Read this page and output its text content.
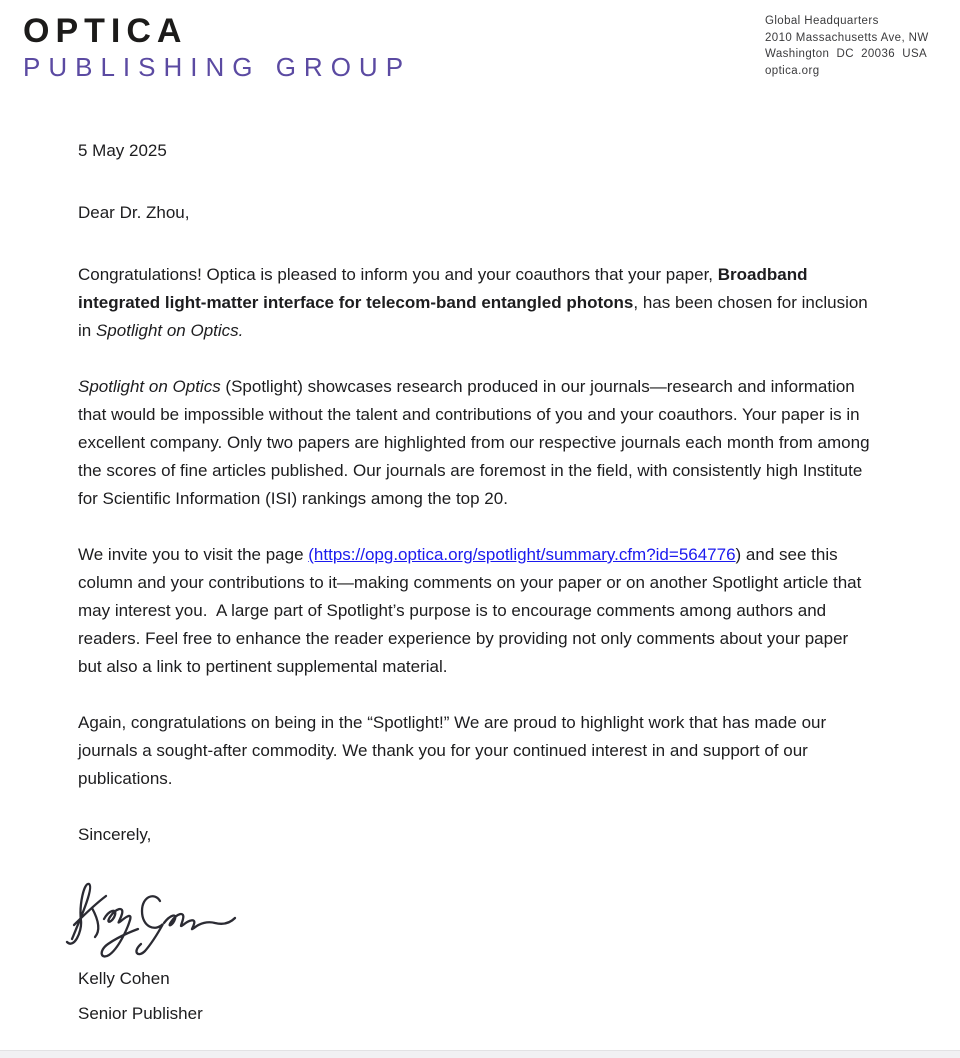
OPTICA
PUBLISHING GROUP
Global Headquarters
2010 Massachusetts Ave, NW
Washington  DC  20036  USA
optica.org

5 May 2025

Dear Dr. Zhou,

Congratulations! Optica is pleased to inform you and your coauthors that your paper, Broadband integrated light-matter interface for telecom-band entangled photons, has been chosen for inclusion in Spotlight on Optics.

Spotlight on Optics (Spotlight) showcases research produced in our journals—research and information that would be impossible without the talent and contributions of you and your coauthors. Your paper is in excellent company. Only two papers are highlighted from our respective journals each month from among the scores of fine articles published. Our journals are foremost in the field, with consistently high Institute for Scientific Information (ISI) rankings among the top 20.

We invite you to visit the page (https://opg.optica.org/spotlight/summary.cfm?id=564776) and see this column and your contributions to it—making comments on your paper or on another Spotlight article that may interest you.  A large part of Spotlight’s purpose is to encourage comments among authors and readers. Feel free to enhance the reader experience by providing not only comments about your paper but also a link to pertinent supplemental material.

Again, congratulations on being in the “Spotlight!” We are proud to highlight work that has made our journals a sought-after commodity. We thank you for your continued interest in and support of our publications.

Sincerely,

Kelly Cohen

Senior Publisher
